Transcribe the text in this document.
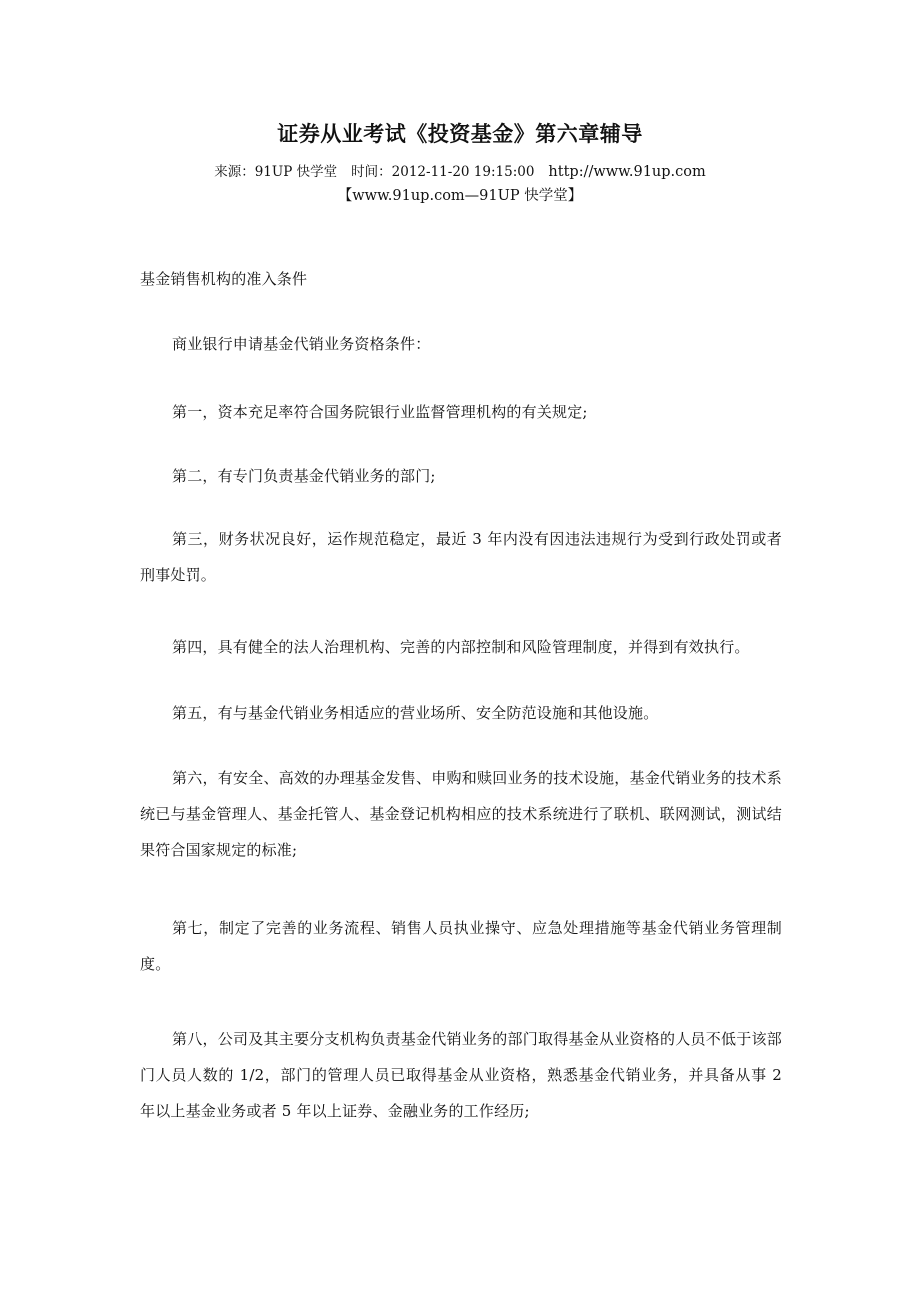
证券从业考试《投资基金》第六章辅导
来源：91UP 快学堂 时间：2012-11-20 19:15:00 http://www.91up.com
【www.91up.com—91UP 快学堂】

基金销售机构的准入条件

商业银行申请基金代销业务资格条件：

第一，资本充足率符合国务院银行业监督管理机构的有关规定;

第二，有专门负责基金代销业务的部门;

第三，财务状况良好，运作规范稳定，最近 3 年内没有因违法违规行为受到行政处罚或者刑事处罚。

第四，具有健全的法人治理机构、完善的内部控制和风险管理制度，并得到有效执行。

第五，有与基金代销业务相适应的营业场所、安全防范设施和其他设施。

第六，有安全、高效的办理基金发售、申购和赎回业务的技术设施，基金代销业务的技术系统已与基金管理人、基金托管人、基金登记机构相应的技术系统进行了联机、联网测试，测试结果符合国家规定的标准;

第七，制定了完善的业务流程、销售人员执业操守、应急处理措施等基金代销业务管理制度。

第八，公司及其主要分支机构负责基金代销业务的部门取得基金从业资格的人员不低于该部门人员人数的 1/2，部门的管理人员已取得基金从业资格，熟悉基金代销业务，并具备从事 2 年以上基金业务或者 5 年以上证券、金融业务的工作经历;
